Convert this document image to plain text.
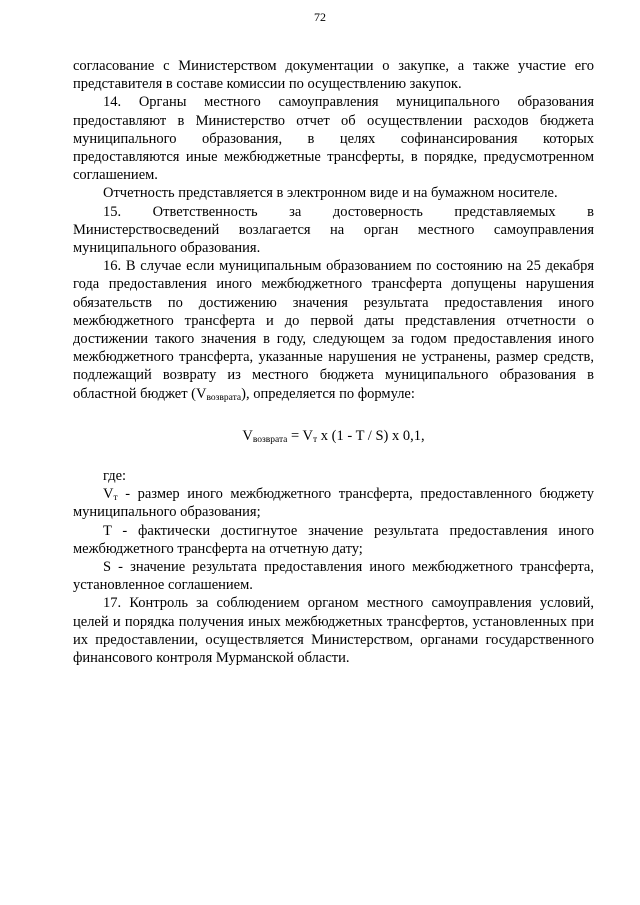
72

согласование с Министерством документации о закупке, а также участие его представителя в составе комиссии по осуществлению закупок.

14. Органы местного самоуправления муниципального образования предоставляют в Министерство отчет об осуществлении расходов бюджета муниципального образования, в целях софинансирования которых предоставляются иные межбюджетные трансферты, в порядке, предусмотренном соглашением.

Отчетность представляется в электронном виде и на бумажном носителе.

15. Ответственность за достоверность представляемых в Министерствосведений возлагается на орган местного самоуправления муниципального образования.

16. В случае если муниципальным образованием по состоянию на 25 декабря года предоставления иного межбюджетного трансферта допущены нарушения обязательств по достижению значения результата предоставления иного межбюджетного трансферта и до первой даты представления отчетности о достижении такого значения в году, следующем за годом предоставления иного межбюджетного трансферта, указанные нарушения не устранены, размер средств, подлежащий возврату из местного бюджета муниципального образования в областной бюджет $(V_{возврата})$, определяется по формуле:

$V_{возвратa} = V_т$ x (1 - T / S) x 0,1,

где:

$V_т$ - размер иного межбюджетного трансферта, предоставленного бюджету муниципального образования;

T - фактически достигнутое значение результата предоставления иного межбюджетного трансферта на отчетную дату;

S - значение результата предоставления иного межбюджетного трансферта, установленное соглашением.

17. Контроль за соблюдением органом местного самоуправления условий, целей и порядка получения иных межбюджетных трансфертов, установленных при их предоставлении, осуществляется Министерством, органами государственного финансового контроля Мурманской области.
